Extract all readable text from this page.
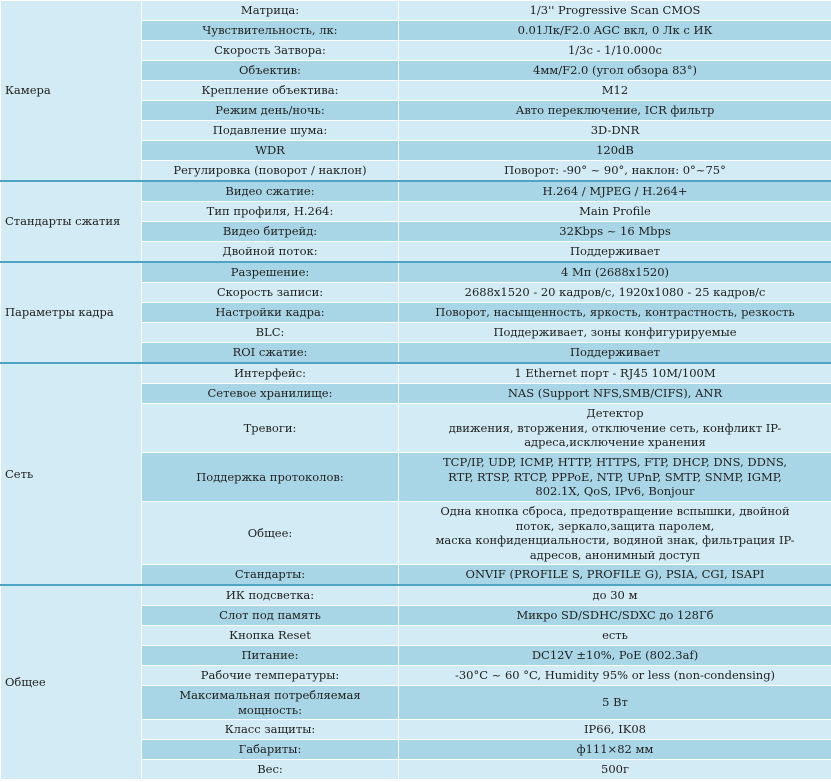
Камера	Матрица:	1/3'' Progressive Scan CMOS
	Чувствительность, лк:	0.01Лк/F2.0 AGC вкл, 0 Лк с ИК
	Скорость Затвора:	1/3с - 1/10.000с
	Объектив:	4мм/F2.0 (угол обзора 83°)
	Крепление объектива:	M12
	Режим день/ночь:	Авто переключение, ICR фильтр
	Подавление шума:	3D-DNR
	WDR	120dB
	Регулировка (поворот / наклон)	Поворот: -90° ~ 90°, наклон: 0°~75°
Стандарты сжатия	Видео сжатие:	H.264 / MJPEG / H.264+
	Тип профиля, H.264:	Main Profile
	Видео битрейд:	32Kbps ~ 16 Mbps
	Двойной поток:	Поддерживает
Параметры кадра	Разрешение:	4 Мп (2688x1520)
	Скорость записи:	2688x1520 - 20 кадров/с, 1920x1080 - 25 кадров/с
	Настройки кадра:	Поворот, насыщенность, яркость, контрастность, резкость
	BLC:	Поддерживает, зоны конфигурируемые
	ROI сжатие:	Поддерживает
Сеть	Интерфейс:	1 Ethernet порт - RJ45 10M/100M
	Сетевое хранилище:	NAS (Support NFS,SMB/CIFS), ANR
	Тревоги:	Детектор
движения, вторжения, отключение сеть, конфликт IP-
адреса,исключение хранения
	Поддержка протоколов:	TCP/IP, UDP, ICMP, HTTP, HTTPS, FTP, DHCP, DNS, DDNS,
RTP, RTSP, RTCP, PPPoE, NTP, UPnP, SMTP, SNMP, IGMP,
802.1X, QoS, IPv6, Bonjour
	Общее:	Одна кнопка сброса, предотвращение вспышки, двойной
поток, зеркало,защита паролем,
маска конфиденциальности, водяной знак, фильтрация IP-
адресов, анонимный доступ
	Стандарты:	ONVIF (PROFILE S, PROFILE G), PSIA, CGI, ISAPI
Общее	ИК подсветка:	до 30 м
	Слот под память	Микро SD/SDHC/SDXC до 128Гб
	Кнопка Reset	есть
	Питание:	DC12V ±10%, PoE (802.3af)
	Рабочие температуры:	-30°C ~ 60 °C, Humidity 95% or less (non-condensing)
	Максимальная потребляемая
мощность:	5 Вт
	Класс защиты:	IP66, IK08
	Габариты:	ф111×82 мм
	Вес:	500г
